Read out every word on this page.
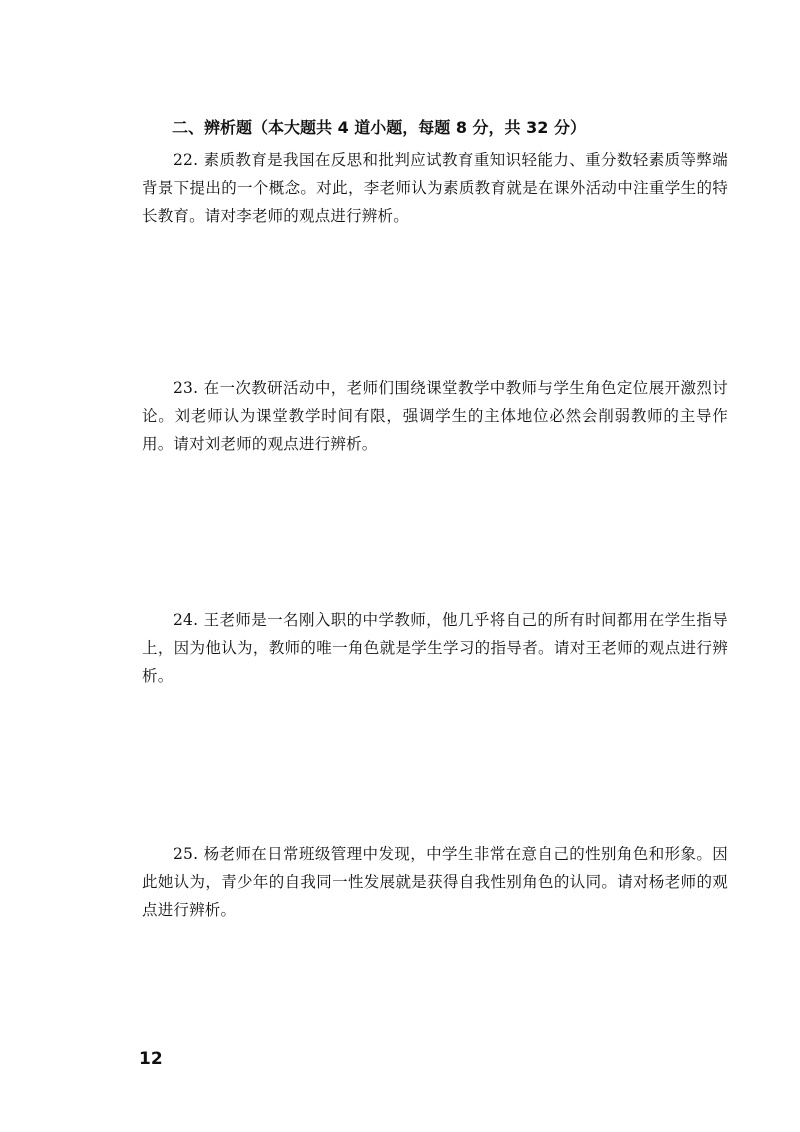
二、辨析题（本大题共 4 道小题，每题 8 分，共 32 分）
22. 素质教育是我国在反思和批判应试教育重知识轻能力、重分数轻素质等弊端背景下提出的一个概念。对此，李老师认为素质教育就是在课外活动中注重学生的特长教育。请对李老师的观点进行辨析。
23. 在一次教研活动中，老师们围绕课堂教学中教师与学生角色定位展开激烈讨论。刘老师认为课堂教学时间有限，强调学生的主体地位必然会削弱教师的主导作用。请对刘老师的观点进行辨析。
24. 王老师是一名刚入职的中学教师，他几乎将自己的所有时间都用在学生指导上，因为他认为，教师的唯一角色就是学生学习的指导者。请对王老师的观点进行辨析。
25. 杨老师在日常班级管理中发现，中学生非常在意自己的性别角色和形象。因此她认为，青少年的自我同一性发展就是获得自我性别角色的认同。请对杨老师的观点进行辨析。
12
